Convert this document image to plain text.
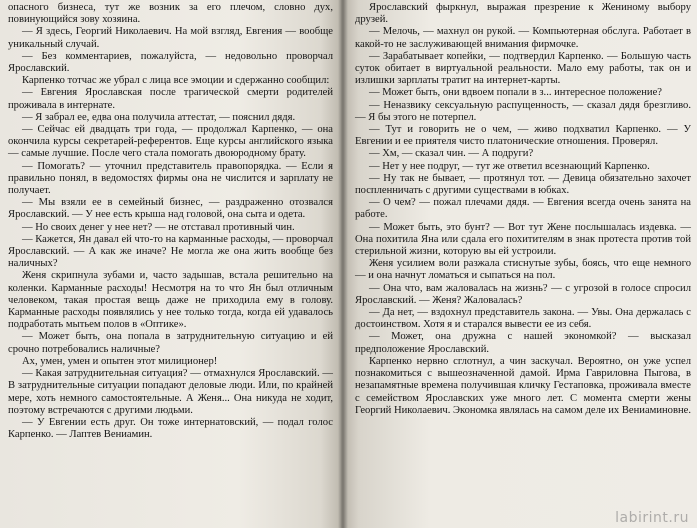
опасного бизнеса, тут же возник за его плечом, словно дух, повинующийся зову хозяина.

— Я здесь, Георгий Николаевич. На мой взгляд, Евгения — вообще уникальный случай.

— Без комментариев, пожалуйста, — недовольно проворчал Ярославский.

Карпенко тотчас же убрал с лица все эмоции и сдержанно сообщил:

— Евгения Ярославская после трагической смерти родителей проживала в интернате.

— Я забрал ее, едва она получила аттестат, — пояснил дядя.

— Сейчас ей двадцать три года, — продолжал Карпенко, — она окончила курсы секретарей-референтов. Еще курсы английского языка — самые лучшие. После чего стала помогать двоюродному брату.

— Помогать? — уточнил представитель правопорядка. — Если я правильно понял, в ведомостях фирмы она не числится и зарплату не получает.

— Мы взяли ее в семейный бизнес, — раздраженно отозвался Ярославский. — У нее есть крыша над головой, она сыта и одета.

— Но своих денег у нее нет? — не отставал противный чин.

— Кажется, Ян давал ей что-то на карманные расходы, — проворчал Ярославский. — А как же иначе? Не могла же она жить вообще без наличных?

Женя скрипнула зубами и, часто задышав, встала решительно на коленки. Карманные расходы! Несмотря на то что Ян был отличным человеком, такая простая вещь даже не приходила ему в голову. Карманные расходы появлялись у нее только тогда, когда ей удавалось подработать мытьем полов в «Оптике».

— Может быть, она попала в затруднительную ситуацию и ей срочно потребовались наличные?

Ах, умен, умен и опытен этот милиционер!

— Какая затруднительная ситуация? — отмахнулся Ярославский. — В затруднительные ситуации попадают деловые люди. Или, по крайней мере, хоть немного самостоятельные. А Женя... Она никуда не ходит, поэтому встречаются с другими людьми.

— У Евгении есть друг. Он тоже интернатовский, — подал голос Карпенко. — Лаптев Вениамин.

Ярославский фыркнул, выражая презрение к Жениному выбору друзей.

— Мелочь, — махнул он рукой. — Компьютерная обслуга. Работает в какой-то не заслуживающей внимания фирмочке.

— Зарабатывает копейки, — подтвердил Карпенко. — Большую часть суток обитает в виртуальной реальности. Мало ему работы, так он и излишки зарплаты тратит на интернет-карты.

— Может быть, они вдвоем попали в з... интересное положение?

— Неназвику сексуальную распущенность, — сказал дядя брезгливо. — Я бы этого не потерпел.

— Тут и говорить не о чем, — живо подхватил Карпенко. — У Евгении и ее приятеля чисто платонические отношения. Проверял.

— Хм, — сказал чин. — А подруги?

— Нет у нее подруг, — тут же ответил всезнающий Карпенко.

— Ну так не бывает, — протянул тот. — Девица обязательно захочет поспленничать с другими существами в юбках.

— О чем? — пожал плечами дядя. — Евгения всегда очень занята на работе.

— Может быть, это бунт? — Вот тут Жене послышалась издевка. — Она похитила Яна или сдала его похитителям в знак протеста против той стерильной жизни, которую вы ей устроили.

Женя усилием воли разжала стиснутые зубы, боясь, что еще немного — и она начнут ломаться и сыпаться на пол.

— Она что, вам жаловалась на жизнь? — с угрозой в голосе спросил Ярославский. — Женя? Жаловалась?

— Да нет, — вздохнул представитель закона. — Увы. Она держалась с достоинством. Хотя я и старался вывести ее из себя.

— Может, она дружна с нашей экономкой? — высказал предположение Ярославский.

Карпенко нервно сглотнул, а чин заскучал. Вероятно, он уже успел познакомиться с вышеозначенной дамой. Ирма Гавриловна Пыгова, в незапамятные времена получившая кличку Гестаповка, проживала вместе с семейством Ярославских уже много лет. С момента смерти жены Георгий Николаевич. Экономка являлась на самом деле их Вениаминовне.

labirint.ru
